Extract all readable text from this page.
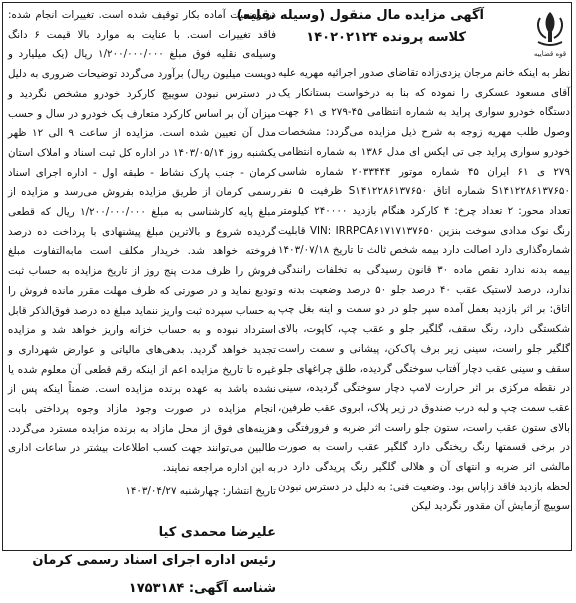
قوه قضاییه
آگهی مزایده مال منقول (وسیله نقلیه)
کلاسه پرونده ۱۴۰۲۰۲۱۲۴

نظر به اینکه خانم مرجان یزدی‌زاده تقاضای صدور اجرائیه مهریه علیه آقای مسعود عسکری را نموده که بنا به درخواست بستانکار یک دستگاه خودرو سواری پراید به شماره انتظامی ۴۵-۲۷۹ ی ۶۱ جهت وصول طلب مهریه زوجه به شرح ذیل مزایده می‌گردد: مشخصات خودرو سواری پراید جی تی ایکس ای مدل ۱۳۸۶ به شماره انتظامی ۲۷۹ ی ۶۱ ایران ۴۵ شماره موتور ۲۰۳۳۴۴۴ شماره شاسی S۱۴۱۲۲۸۶۱۳۷۶۵۰ شماره اتاق S۱۴۱۲۲۸۶۱۳۷۶۵۰ ظرفیت ۵ نفر تعداد محور: ۲ تعداد چرخ: ۴ کارکرد هنگام بازدید ۲۴۰۰۰۰ کیلومتر رنگ نوک مدادی سوخت بنزین VIN: IRRPCA۶۱۷۱۷۱۳۷۶۵۰ قابلیت شماره‌گذاری دارد اصالت دارد بیمه شخص ثالث تا تاریخ ۱۴۰۳/۰۷/۱۸ بیمه بدنه ندارد نقص ماده ۳۰ قانون رسیدگی به تخلفات رانندگی ندارد، درصد لاستیک عقب ۴۰ درصد جلو ۵۰ درصد وضعیت بدنه و اتاق: بر اثر بازدید بعمل آمده سپر جلو در دو سمت و اینه بغل چپ شکستگی دارد، رنگ سقف، گلگیر جلو و عقب چپ، کاپوت، بالای گلگیر جلو راست، سینی زیر برف پاک‌کن، پیشانی و سمت راست سقف و سینی عقب دچار آفتاب سوختگی گردیده، طلق چراغهای جلو در نقطه مرکزی بر اثر حرارت لامپ دچار سوختگی گردیده، سینی عقب سمت چپ و لبه درب صندوق در زیر پلاک، ابروی عقب طرفین، بالای ستون عقب راست، ستون جلو راست اثر ضربه و فرورفتگی و در برخی قسمتها رنگ ریختگی دارد گلگیر عقب راست به صورت مالشی اثر ضربه و انتهای آن و هلالی گلگیر رنگ پریدگی دارد در لحظه بازدید فاقد زاپاس بود. وضعیت فنی: به دلیل در دسترس نبودن سوییچ آزمایش آن مقدور نگردید لیکن

در وضعیت آماده بکار توقیف شده است. تغییرات انجام شده: فاقد تغییرات است. با عنایت به موارد بالا قیمت ۶ دانگ وسیله‌ی نقلیه فوق مبلغ ۱/۲۰۰/۰۰۰/۰۰۰ ریال (یک میلیارد و دویست میلیون ریال) برآورد می‌گردد توضیحات ضروری به دلیل در دسترس نبودن سوییچ کارکرد خودرو مشخص نگردید و میزان آن بر اساس کارکرد متعارف یک خودرو در سال و حسب مدل آن تعیین شده است. مزایده از ساعت ۹ الی ۱۲ ظهر یکشنبه روز ۱۴۰۳/۰۵/۱۴ در اداره کل ثبت اسناد و املاک استان کرمان - جنب پارک نشاط - طبقه اول - اداره اجرای اسناد رسمی کرمان از طریق مزایده بفروش می‌رسد و مزایده از مبلغ پایه کارشناسی به مبلغ ۱/۲۰۰/۰۰۰/۰۰۰ ریال که قطعی گردیده شروع و بالاترین مبلغ پیشنهادی با پرداخت ده درصد فروخته خواهد شد. خریدار مکلف است مابه‌التفاوت مبلغ فروش را ظرف مدت پنج روز از تاریخ مزایده به حساب ثبت تودیع نماید و در صورتی که ظرف مهلت مقرر مانده فروش را به حساب سپرده ثبت واریز ننماید مبلغ ده درصد فوق‌الذکر قابل استرداد نبوده و به حساب خزانه واریز خواهد شد و مزایده تجدید خواهد گردید. بدهی‌های مالیاتی و عوارض شهرداری و غیره تا تاریخ مزایده اعم از اینکه رقم قطعی آن معلوم شده یا نشده باشد به عهده برنده مزایده است. ضمناً اینکه پس از انجام مزایده در صورت وجود مازاد وجوه پرداختی بابت هزینه‌های فوق از محل مازاد به برنده مزایده مسترد می‌گردد. طالبین می‌توانند جهت کسب اطلاعات بیشتر در ساعات اداری به این اداره مراجعه نمایند.

تاریخ انتشار: چهارشنبه ۱۴۰۳/۰۴/۲۷
علیرضا محمدی کیا
رئیس اداره اجرای اسناد رسمی کرمان
شناسه آگهی: ۱۷۵۳۱۸۴
